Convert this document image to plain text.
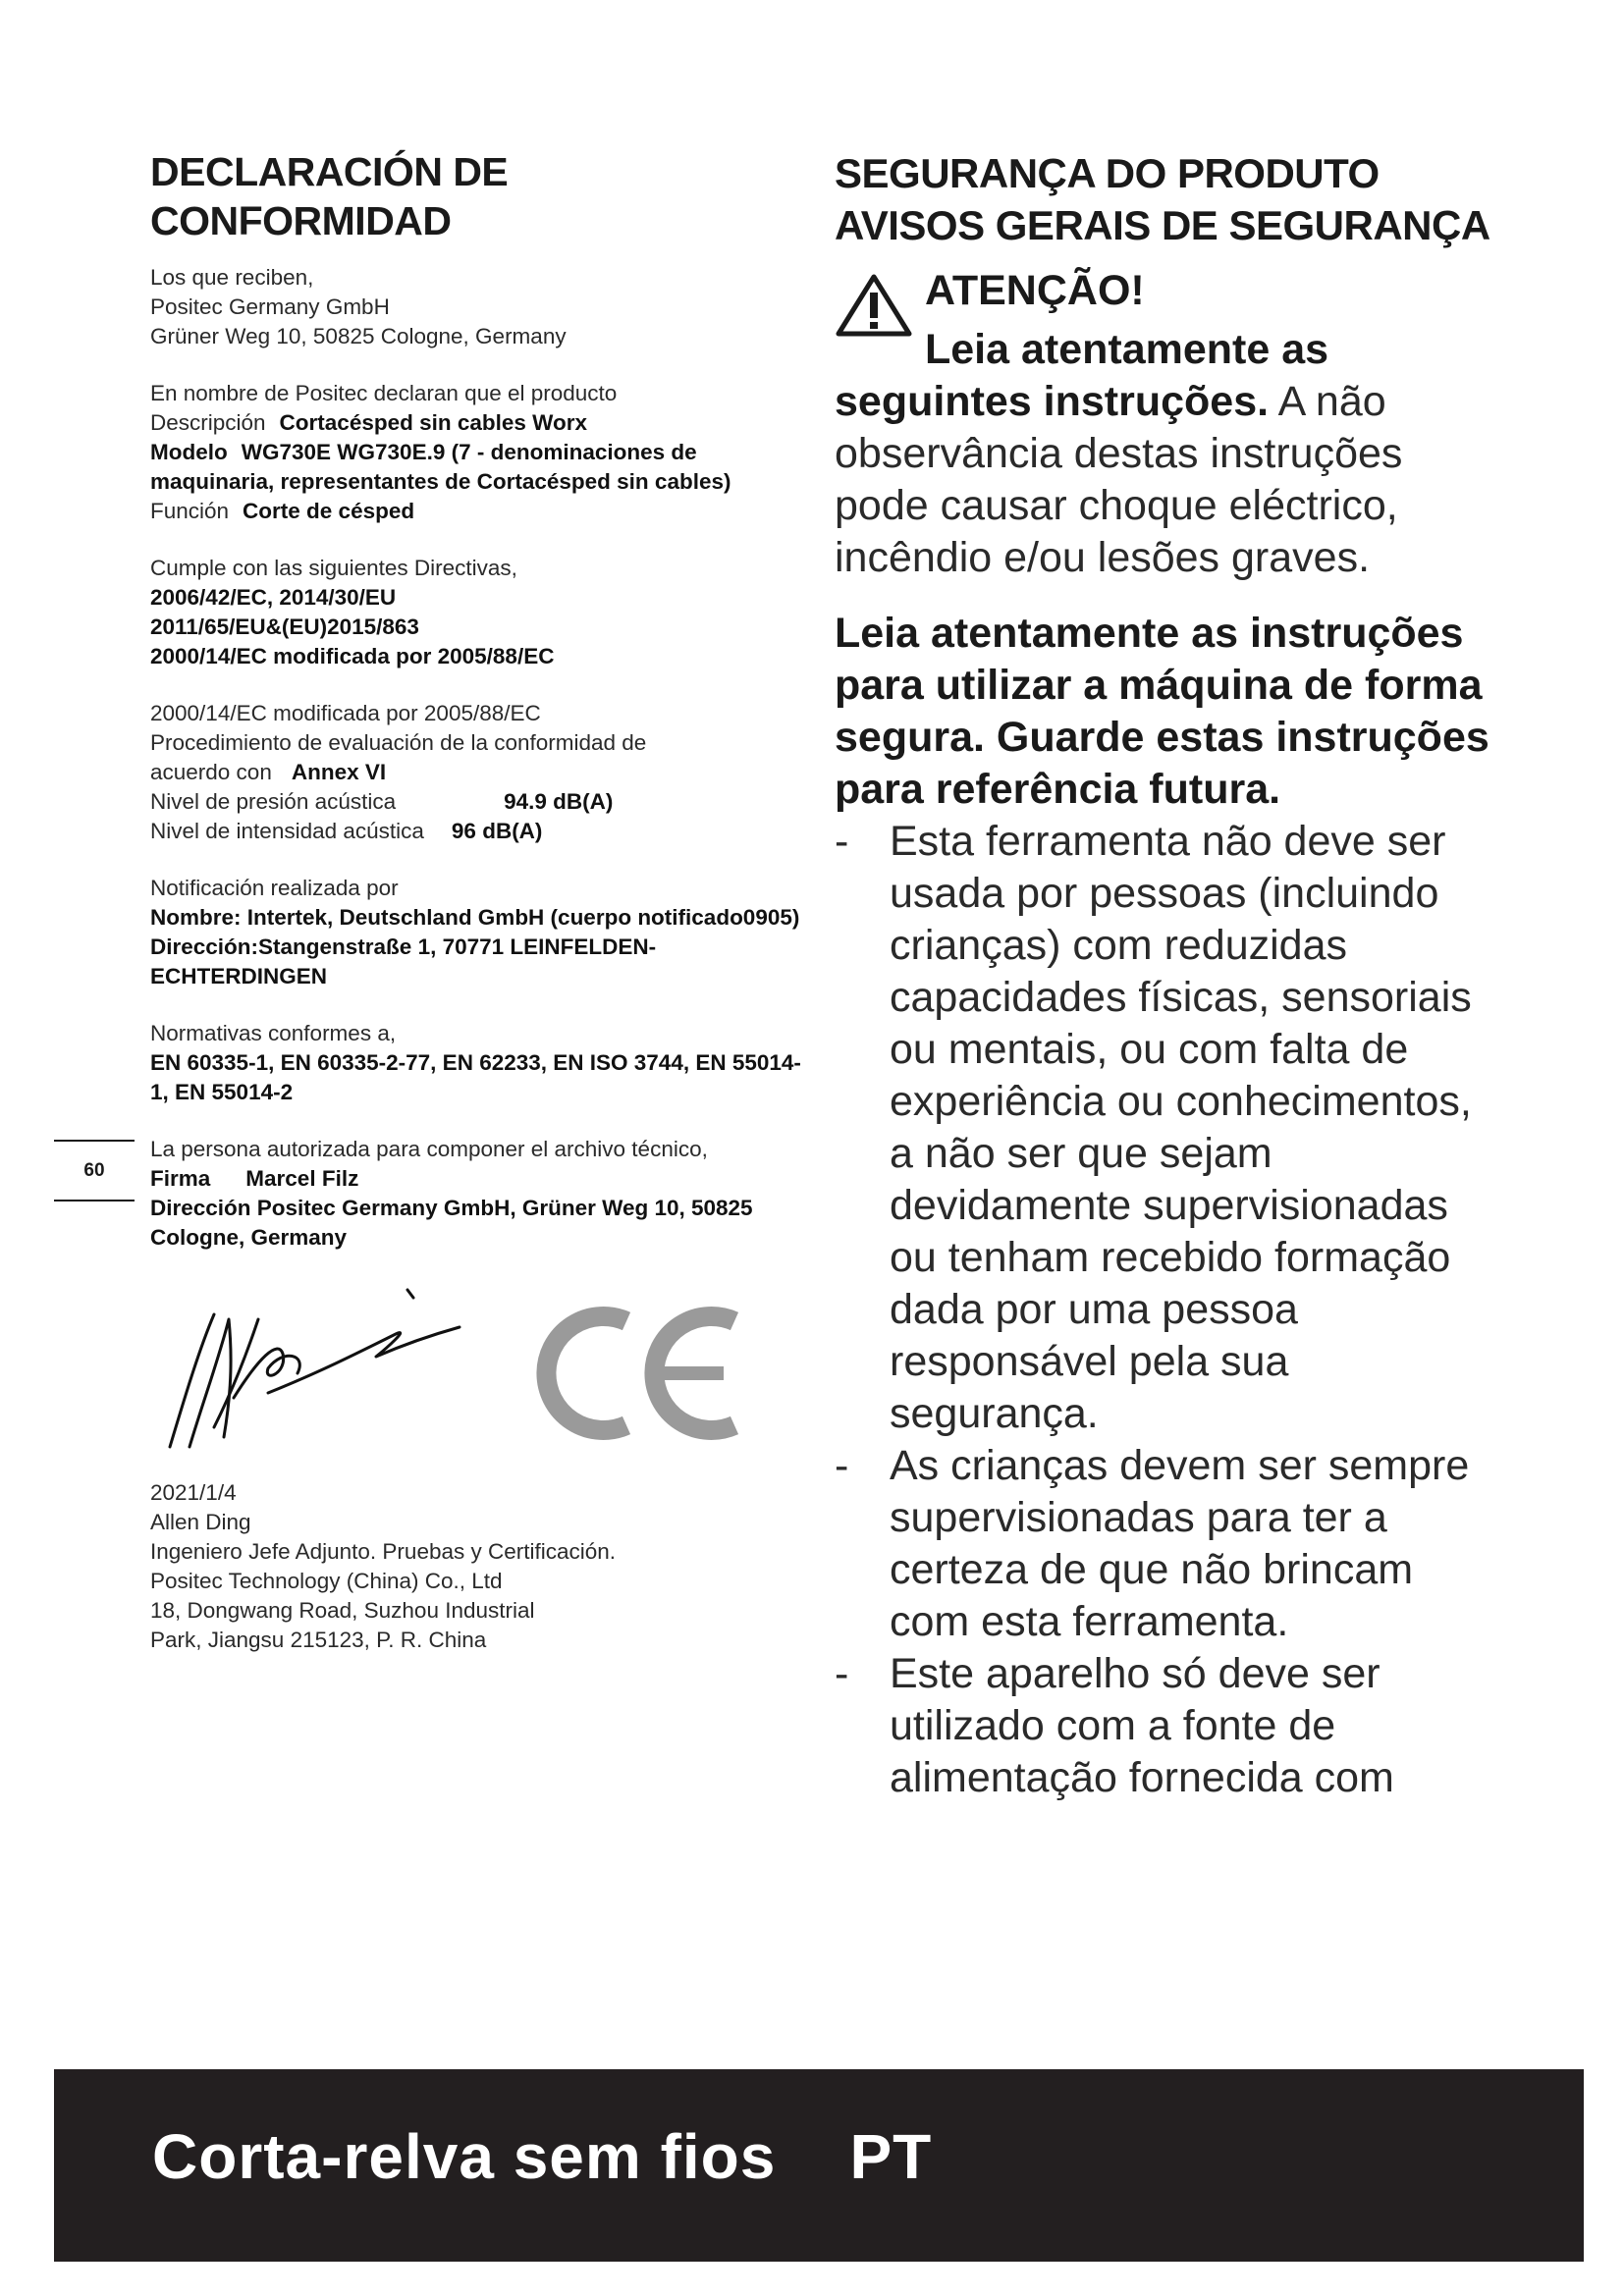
DECLARACIÓN DE
CONFORMIDAD
Los que reciben,
Positec Germany GmbH
Grüner Weg 10, 50825 Cologne, Germany
En nombre de Positec declaran que el producto
Descripción Cortacésped sin cables Worx
Modelo WG730E WG730E.9 (7 - denominaciones de maquinaria, representantes de Cortacésped sin cables)
Función Corte de césped
Cumple con las siguientes Directivas,
2006/42/EC, 2014/30/EU
2011/65/EU&(EU)2015/863
2000/14/EC modificada por 2005/88/EC
2000/14/EC modificada por 2005/88/EC
Procedimiento de evaluación de la conformidad de
acuerdo con Annex VI
Nivel de presión acústica	94.9 dB(A)
Nivel de intensidad acústica 96 dB(A)
Notificación realizada por
Nombre: Intertek, Deutschland GmbH (cuerpo notificado0905)
Dirección:Stangenstraße 1, 70771 LEINFELDEN-ECHTERDINGEN
Normativas conformes a,
EN 60335-1, EN 60335-2-77, EN 62233, EN ISO 3744, EN 55014-1, EN 55014-2
La persona autorizada para componer el archivo técnico,
Firma Marcel Filz
Dirección Positec Germany GmbH, Grüner Weg 10, 50825 Cologne, Germany
2021/1/4
Allen Ding
Ingeniero Jefe Adjunto. Pruebas y Certificación.
Positec Technology (China) Co., Ltd
18, Dongwang Road, Suzhou Industrial
Park, Jiangsu 215123, P. R. China
60
SEGURANÇA DO PRODUTO AVISOS GERAIS DE SEGURANÇA
ATENÇÃO!
Leia atentamente as seguintes instruções. A não observância destas instruções pode causar choque eléctrico, incêndio e/ou lesões graves.
Leia atentamente as instruções para utilizar a máquina de forma segura. Guarde estas instruções para referência futura.
- Esta ferramenta não deve ser usada por pessoas (incluindo crianças) com reduzidas capacidades físicas, sensoriais ou mentais, ou com falta de experiência ou conhecimentos, a não ser que sejam devidamente supervisionadas ou tenham recebido formação dada por uma pessoa responsável pela sua segurança.
- As crianças devem ser sempre supervisionadas para ter a certeza de que não brincam com esta ferramenta.
- Este aparelho só deve ser utilizado com a fonte de alimentação fornecida com
Corta-relva sem fios PT
